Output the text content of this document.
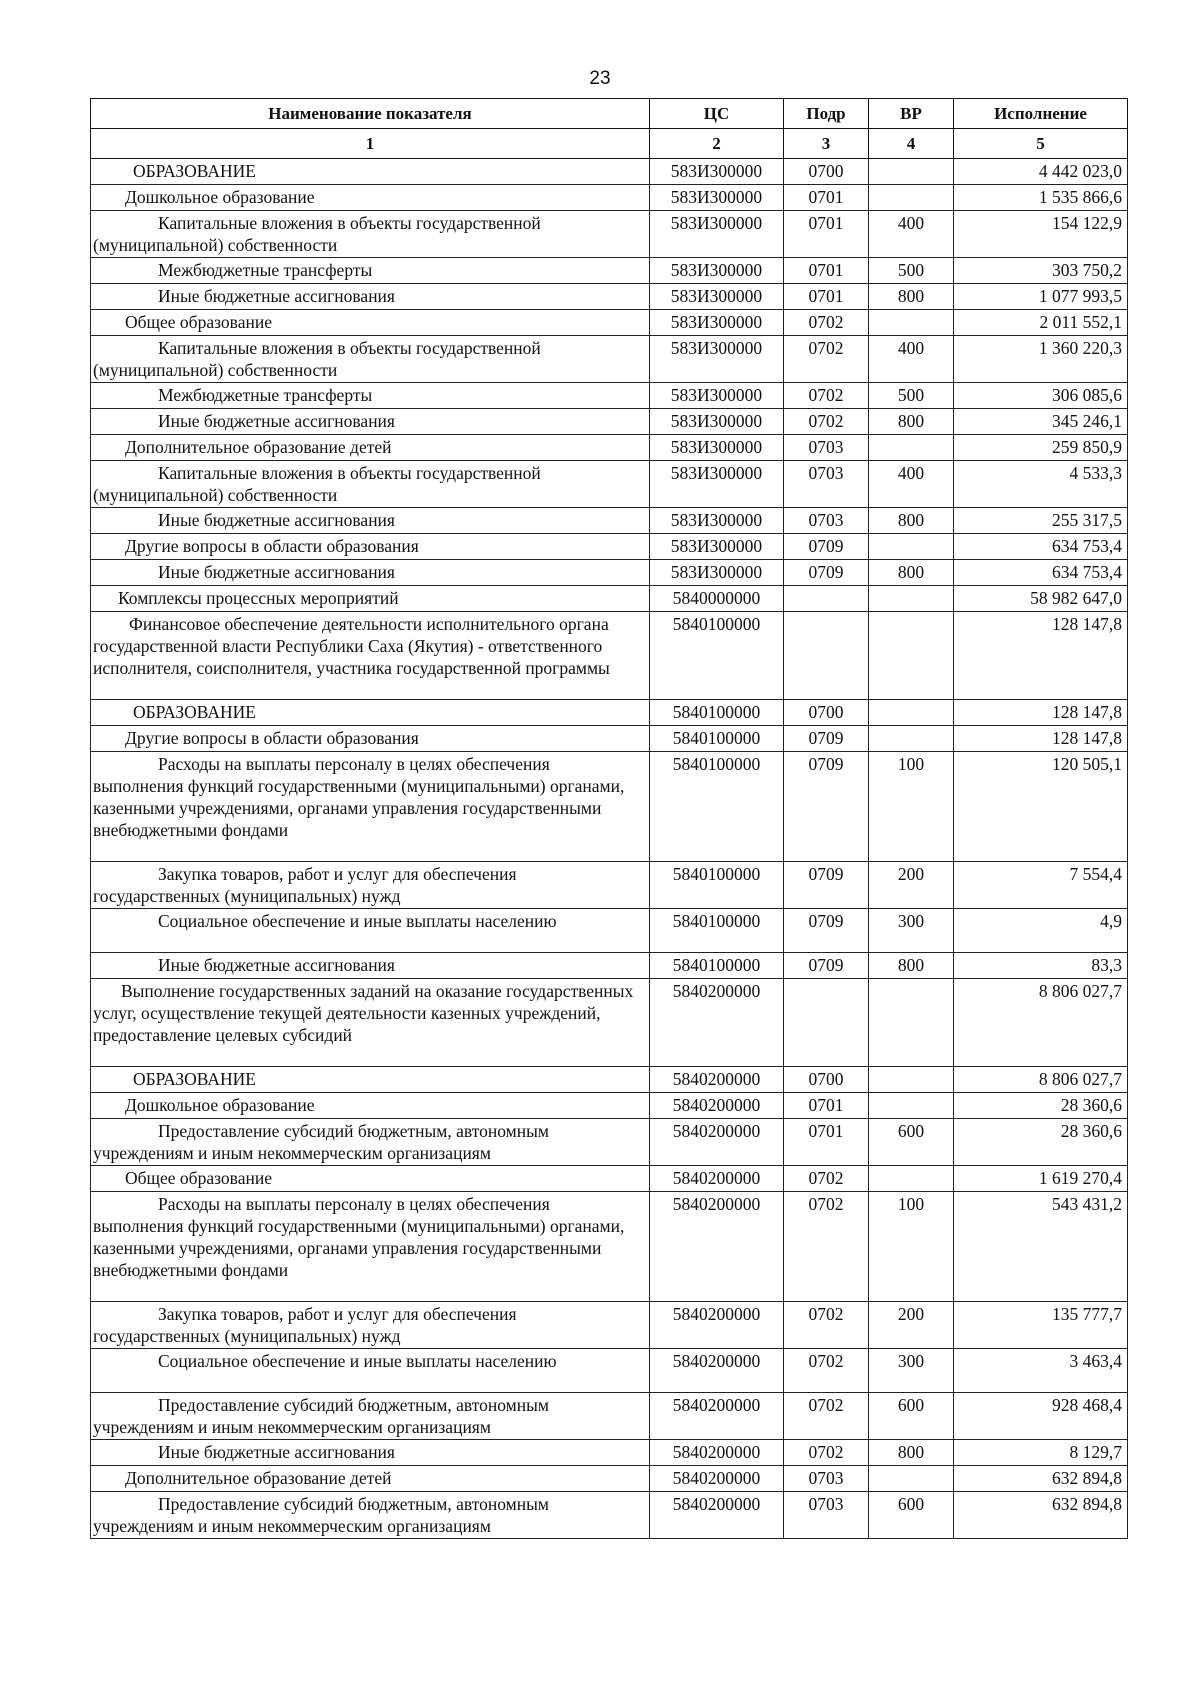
23
Наименование показателя	ЦС	Подр	ВР	Исполнение
1	2	3	4	5
ОБРАЗОВАНИЕ	583И300000	0700		4 442 023,0
Дошкольное образование	583И300000	0701		1 535 866,6
Капитальные вложения в объекты государственной (муниципальной) собственности	583И300000	0701	400	154 122,9
Межбюджетные трансферты	583И300000	0701	500	303 750,2
Иные бюджетные ассигнования	583И300000	0701	800	1 077 993,5
Общее образование	583И300000	0702		2 011 552,1
Капитальные вложения в объекты государственной (муниципальной) собственности	583И300000	0702	400	1 360 220,3
Межбюджетные трансферты	583И300000	0702	500	306 085,6
Иные бюджетные ассигнования	583И300000	0702	800	345 246,1
Дополнительное образование детей	583И300000	0703		259 850,9
Капитальные вложения в объекты государственной (муниципальной) собственности	583И300000	0703	400	4 533,3
Иные бюджетные ассигнования	583И300000	0703	800	255 317,5
Другие вопросы в области образования	583И300000	0709		634 753,4
Иные бюджетные ассигнования	583И300000	0709	800	634 753,4
Комплексы процессных мероприятий	5840000000			58 982 647,0
Финансовое обеспечение деятельности исполнительного органа государственной власти Республики Саха (Якутия) - ответственного исполнителя, соисполнителя, участника государственной программы	5840100000			128 147,8
ОБРАЗОВАНИЕ	5840100000	0700		128 147,8
Другие вопросы в области образования	5840100000	0709		128 147,8
Расходы на выплаты персоналу в целях обеспечения выполнения функций государственными (муниципальными) органами, казенными учреждениями, органами управления государственными внебюджетными фондами	5840100000	0709	100	120 505,1
Закупка товаров, работ и услуг для обеспечения государственных (муниципальных) нужд	5840100000	0709	200	7 554,4
Социальное обеспечение и иные выплаты населению	5840100000	0709	300	4,9
Иные бюджетные ассигнования	5840100000	0709	800	83,3
Выполнение государственных заданий на оказание государственных услуг, осуществление текущей деятельности казенных учреждений, предоставление целевых субсидий	5840200000			8 806 027,7
ОБРАЗОВАНИЕ	5840200000	0700		8 806 027,7
Дошкольное образование	5840200000	0701		28 360,6
Предоставление субсидий бюджетным, автономным учреждениям и иным некоммерческим организациям	5840200000	0701	600	28 360,6
Общее образование	5840200000	0702		1 619 270,4
Расходы на выплаты персоналу в целях обеспечения выполнения функций государственными (муниципальными) органами, казенными учреждениями, органами управления государственными внебюджетными фондами	5840200000	0702	100	543 431,2
Закупка товаров, работ и услуг для обеспечения государственных (муниципальных) нужд	5840200000	0702	200	135 777,7
Социальное обеспечение и иные выплаты населению	5840200000	0702	300	3 463,4
Предоставление субсидий бюджетным, автономным учреждениям и иным некоммерческим организациям	5840200000	0702	600	928 468,4
Иные бюджетные ассигнования	5840200000	0702	800	8 129,7
Дополнительное образование детей	5840200000	0703		632 894,8
Предоставление субсидий бюджетным, автономным учреждениям и иным некоммерческим организациям	5840200000	0703	600	632 894,8
